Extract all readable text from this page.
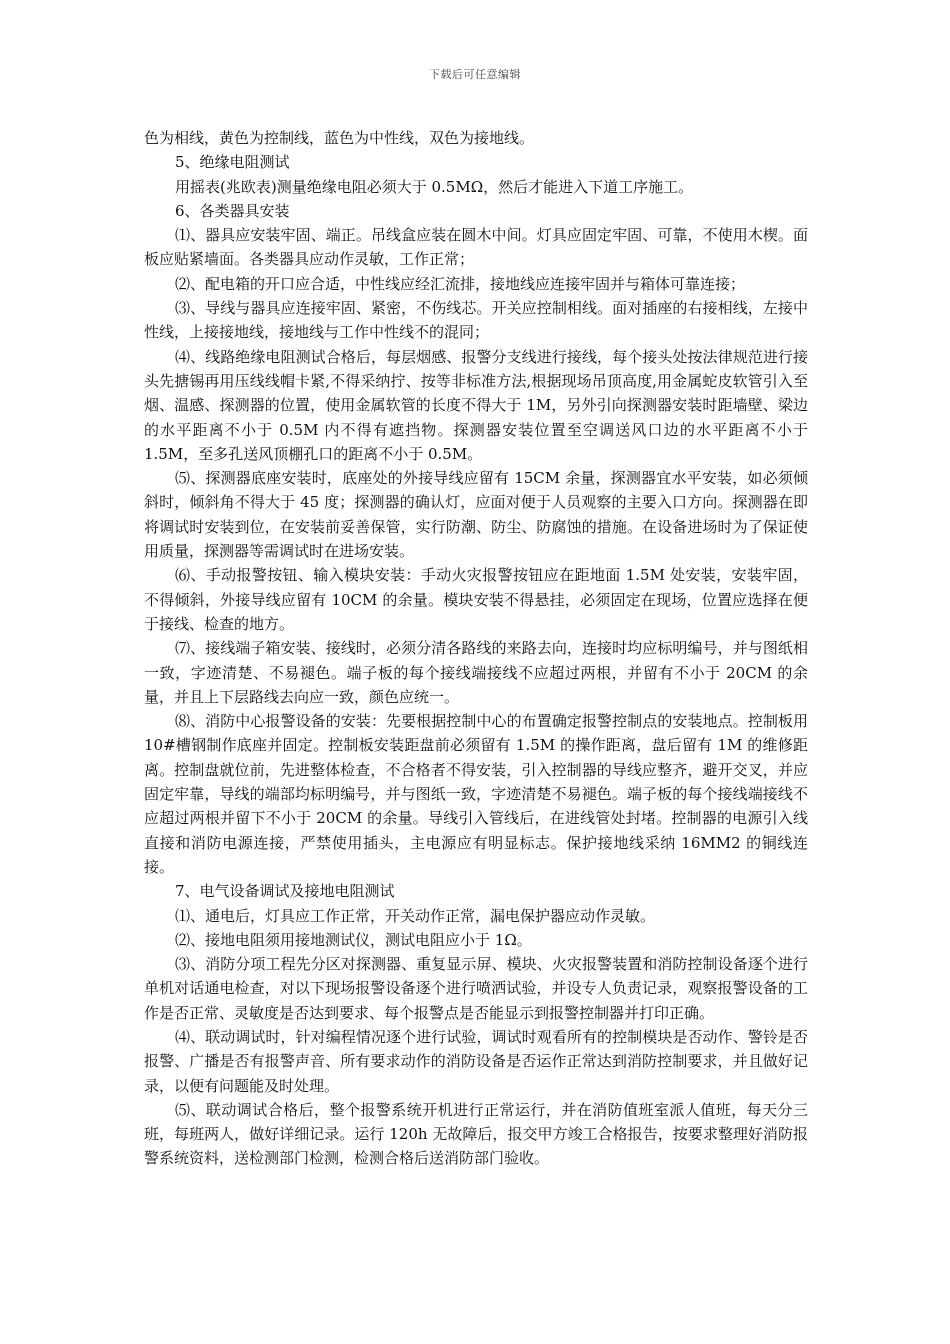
下载后可任意编辑

色为相线，黄色为控制线，蓝色为中性线，双色为接地线。

5、绝缘电阻测试

用摇表(兆欧表)测量绝缘电阻必须大于 0.5MΩ，然后才能进入下道工序施工。

6、各类器具安装

⑴、器具应安装牢固、端正。吊线盒应装在圆木中间。灯具应固定牢固、可靠，不使用木楔。面板应贴紧墙面。各类器具应动作灵敏，工作正常；

⑵、配电箱的开口应合适，中性线应经汇流排，接地线应连接牢固并与箱体可靠连接；

⑶、导线与器具应连接牢固、紧密，不伤线芯。开关应控制相线。面对插座的右接相线，左接中性线，上接接地线，接地线与工作中性线不的混同；

⑷、线路绝缘电阻测试合格后，每层烟感、报警分支线进行接线，每个接头处按法律规范进行接头先搪锡再用压线线帽卡紧,不得采纳拧、按等非标准方法,根据现场吊顶高度,用金属蛇皮软管引入至烟、温感、探测器的位置，使用金属软管的长度不得大于 1M，另外引向探测器安装时距墙壁、梁边的水平距离不小于 0.5M 内不得有遮挡物。探测器安装位置至空调送风口边的水平距离不小于 1.5M，至多孔送风顶棚孔口的距离不小于 0.5M。

⑸、探测器底座安装时，底座处的外接导线应留有 15CM 余量，探测器宜水平安装，如必须倾斜时，倾斜角不得大于 45 度；探测器的确认灯，应面对便于人员观察的主要入口方向。探测器在即将调试时安装到位，在安装前妥善保管，实行防潮、防尘、防腐蚀的措施。在设备进场时为了保证使用质量，探测器等需调试时在进场安装。

⑹、手动报警按钮、输入模块安装：手动火灾报警按钮应在距地面 1.5M 处安装，安装牢固，不得倾斜，外接导线应留有 10CM 的余量。模块安装不得悬挂，必须固定在现场，位置应选择在便于接线、检查的地方。

⑺、接线端子箱安装、接线时，必须分清各路线的来路去向，连接时均应标明编号，并与图纸相一致，字迹清楚、不易褪色。端子板的每个接线端接线不应超过两根，并留有不小于 20CM 的余量，并且上下层路线去向应一致，颜色应统一。

⑻、消防中心报警设备的安装：先要根据控制中心的布置确定报警控制点的安装地点。控制板用 10#槽钢制作底座并固定。控制板安装距盘前必须留有 1.5M 的操作距离，盘后留有 1M 的维修距离。控制盘就位前，先进整体检查，不合格者不得安装，引入控制器的导线应整齐，避开交叉，并应固定牢靠，导线的端部均标明编号，并与图纸一致，字迹清楚不易褪色。端子板的每个接线端接线不应超过两根并留下不小于 20CM 的余量。导线引入管线后，在进线管处封堵。控制器的电源引入线直接和消防电源连接，严禁使用插头，主电源应有明显标志。保护接地线采纳 16MM2 的铜线连接。

7、电气设备调试及接地电阻测试

⑴、通电后，灯具应工作正常，开关动作正常，漏电保护器应动作灵敏。

⑵、接地电阻须用接地测试仪，测试电阻应小于 1Ω。

⑶、消防分项工程先分区对探测器、重复显示屏、模块、火灾报警装置和消防控制设备逐个进行单机对话通电检查，对以下现场报警设备逐个进行喷洒试验，并设专人负责记录，观察报警设备的工作是否正常、灵敏度是否达到要求、每个报警点是否能显示到报警控制器并打印正确。

⑷、联动调试时，针对编程情况逐个进行试验，调试时观看所有的控制模块是否动作、警铃是否报警、广播是否有报警声音、所有要求动作的消防设备是否运作正常达到消防控制要求，并且做好记录，以便有问题能及时处理。

⑸、联动调试合格后，整个报警系统开机进行正常运行，并在消防值班室派人值班，每天分三班，每班两人，做好详细记录。运行 120h 无故障后，报交甲方竣工合格报告，按要求整理好消防报警系统资料，送检测部门检测，检测合格后送消防部门验收。
